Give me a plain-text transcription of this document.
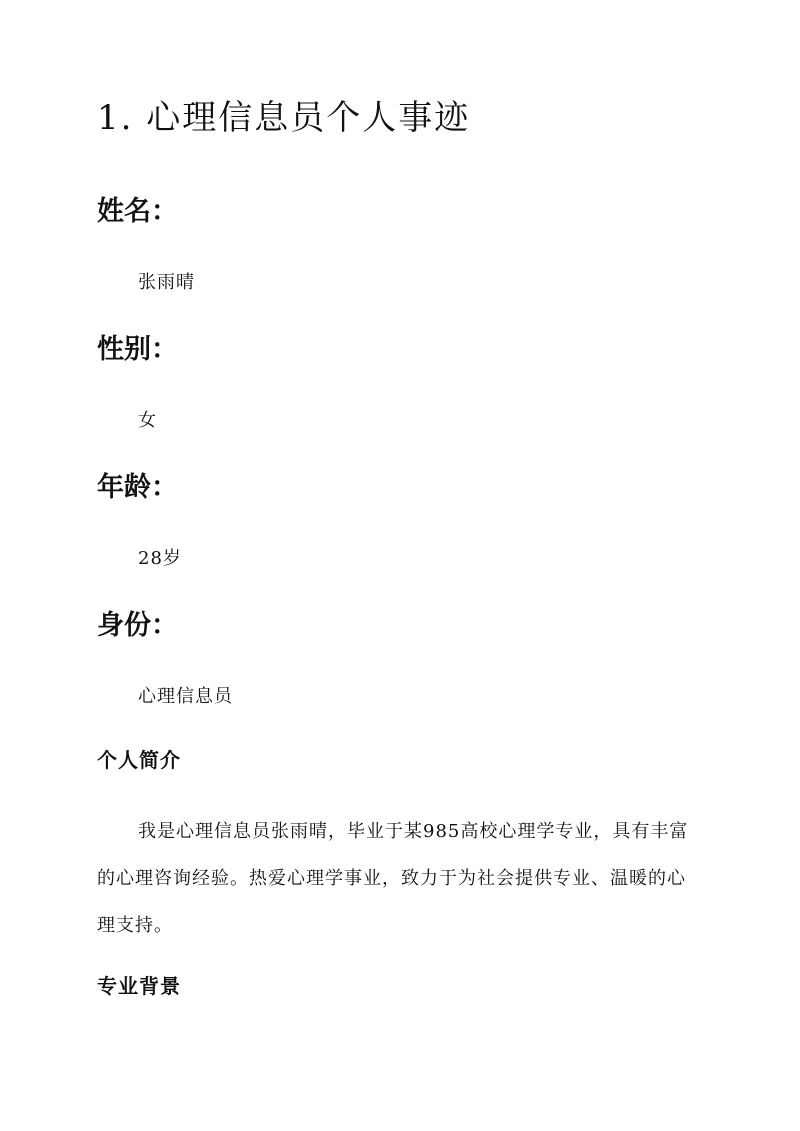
1. 心理信息员个人事迹
姓名：
张雨晴
性别：
女
年龄：
28岁
身份：
心理信息员
个人简介

我是心理信息员张雨晴，毕业于某985高校心理学专业，具有丰富的心理咨询经验。热爱心理学事业，致力于为社会提供专业、温暖的心理支持。

专业背景
